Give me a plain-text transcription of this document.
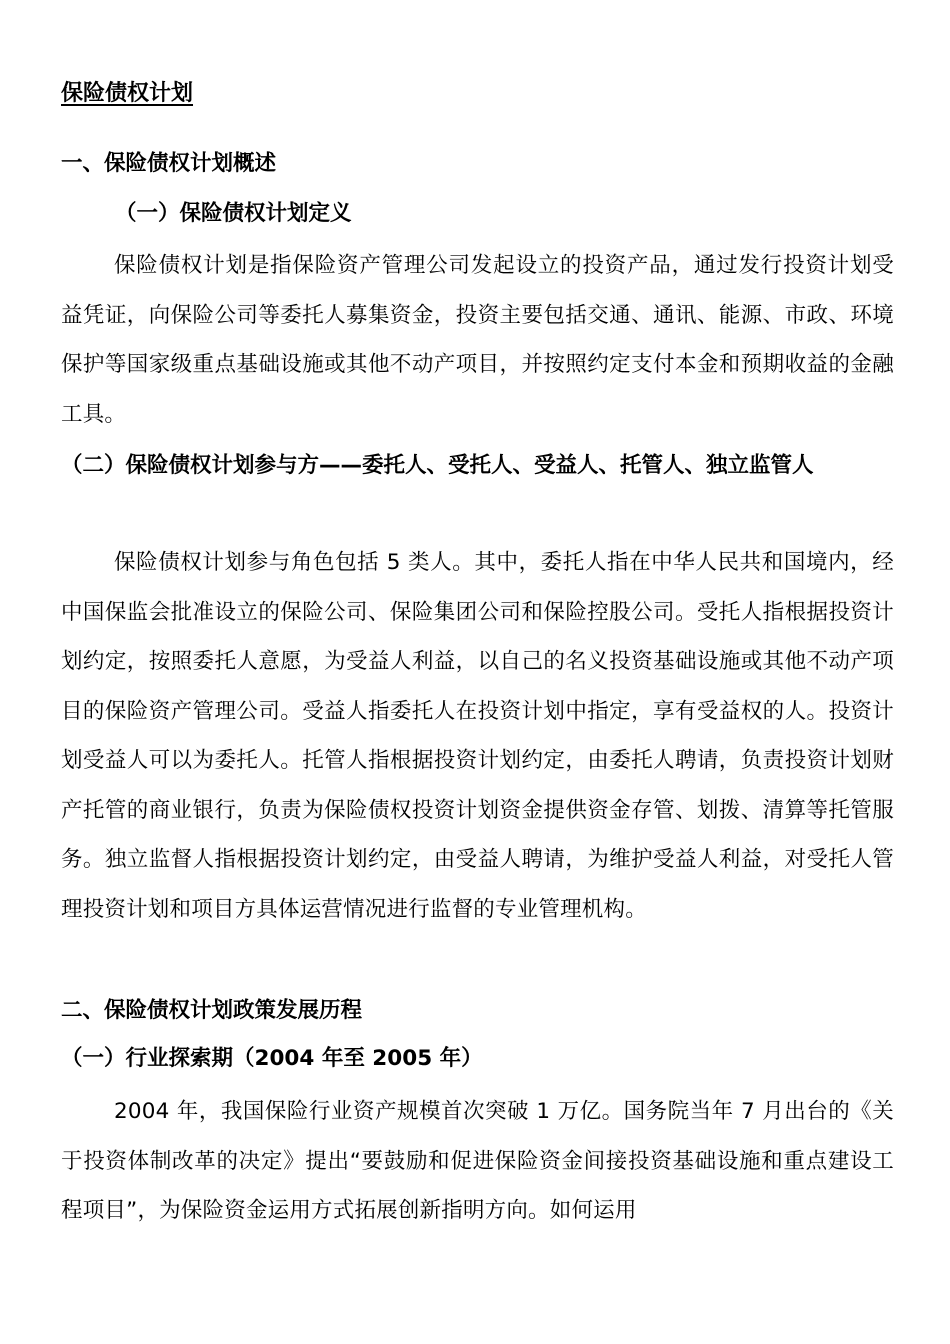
保险债权计划
一、保险债权计划概述
（一）保险债权计划定义
保险债权计划是指保险资产管理公司发起设立的投资产品，通过发行投资计划受益凭证，向保险公司等委托人募集资金，投资主要包括交通、通讯、能源、市政、环境保护等国家级重点基础设施或其他不动产项目，并按照约定支付本金和预期收益的金融工具。
（二）保险债权计划参与方——委托人、受托人、受益人、托管人、独立监管人
保险债权计划参与角色包括 5 类人。其中，委托人指在中华人民共和国境内，经中国保监会批准设立的保险公司、保险集团公司和保险控股公司。受托人指根据投资计划约定，按照委托人意愿，为受益人利益，以自己的名义投资基础设施或其他不动产项目的保险资产管理公司。受益人指委托人在投资计划中指定，享有受益权的人。投资计划受益人可以为委托人。托管人指根据投资计划约定，由委托人聘请，负责投资计划财产托管的商业银行，负责为保险债权投资计划资金提供资金存管、划拨、清算等托管服务。独立监督人指根据投资计划约定，由受益人聘请，为维护受益人利益，对受托人管理投资计划和项目方具体运营情况进行监督的专业管理机构。
二、保险债权计划政策发展历程
（一）行业探索期（2004 年至 2005 年）
2004 年，我国保险行业资产规模首次突破 1 万亿。国务院当年 7 月出台的《关于投资体制改革的决定》提出“要鼓励和促进保险资金间接投资基础设施和重点建设工程项目”，为保险资金运用方式拓展创新指明方向。如何运用
